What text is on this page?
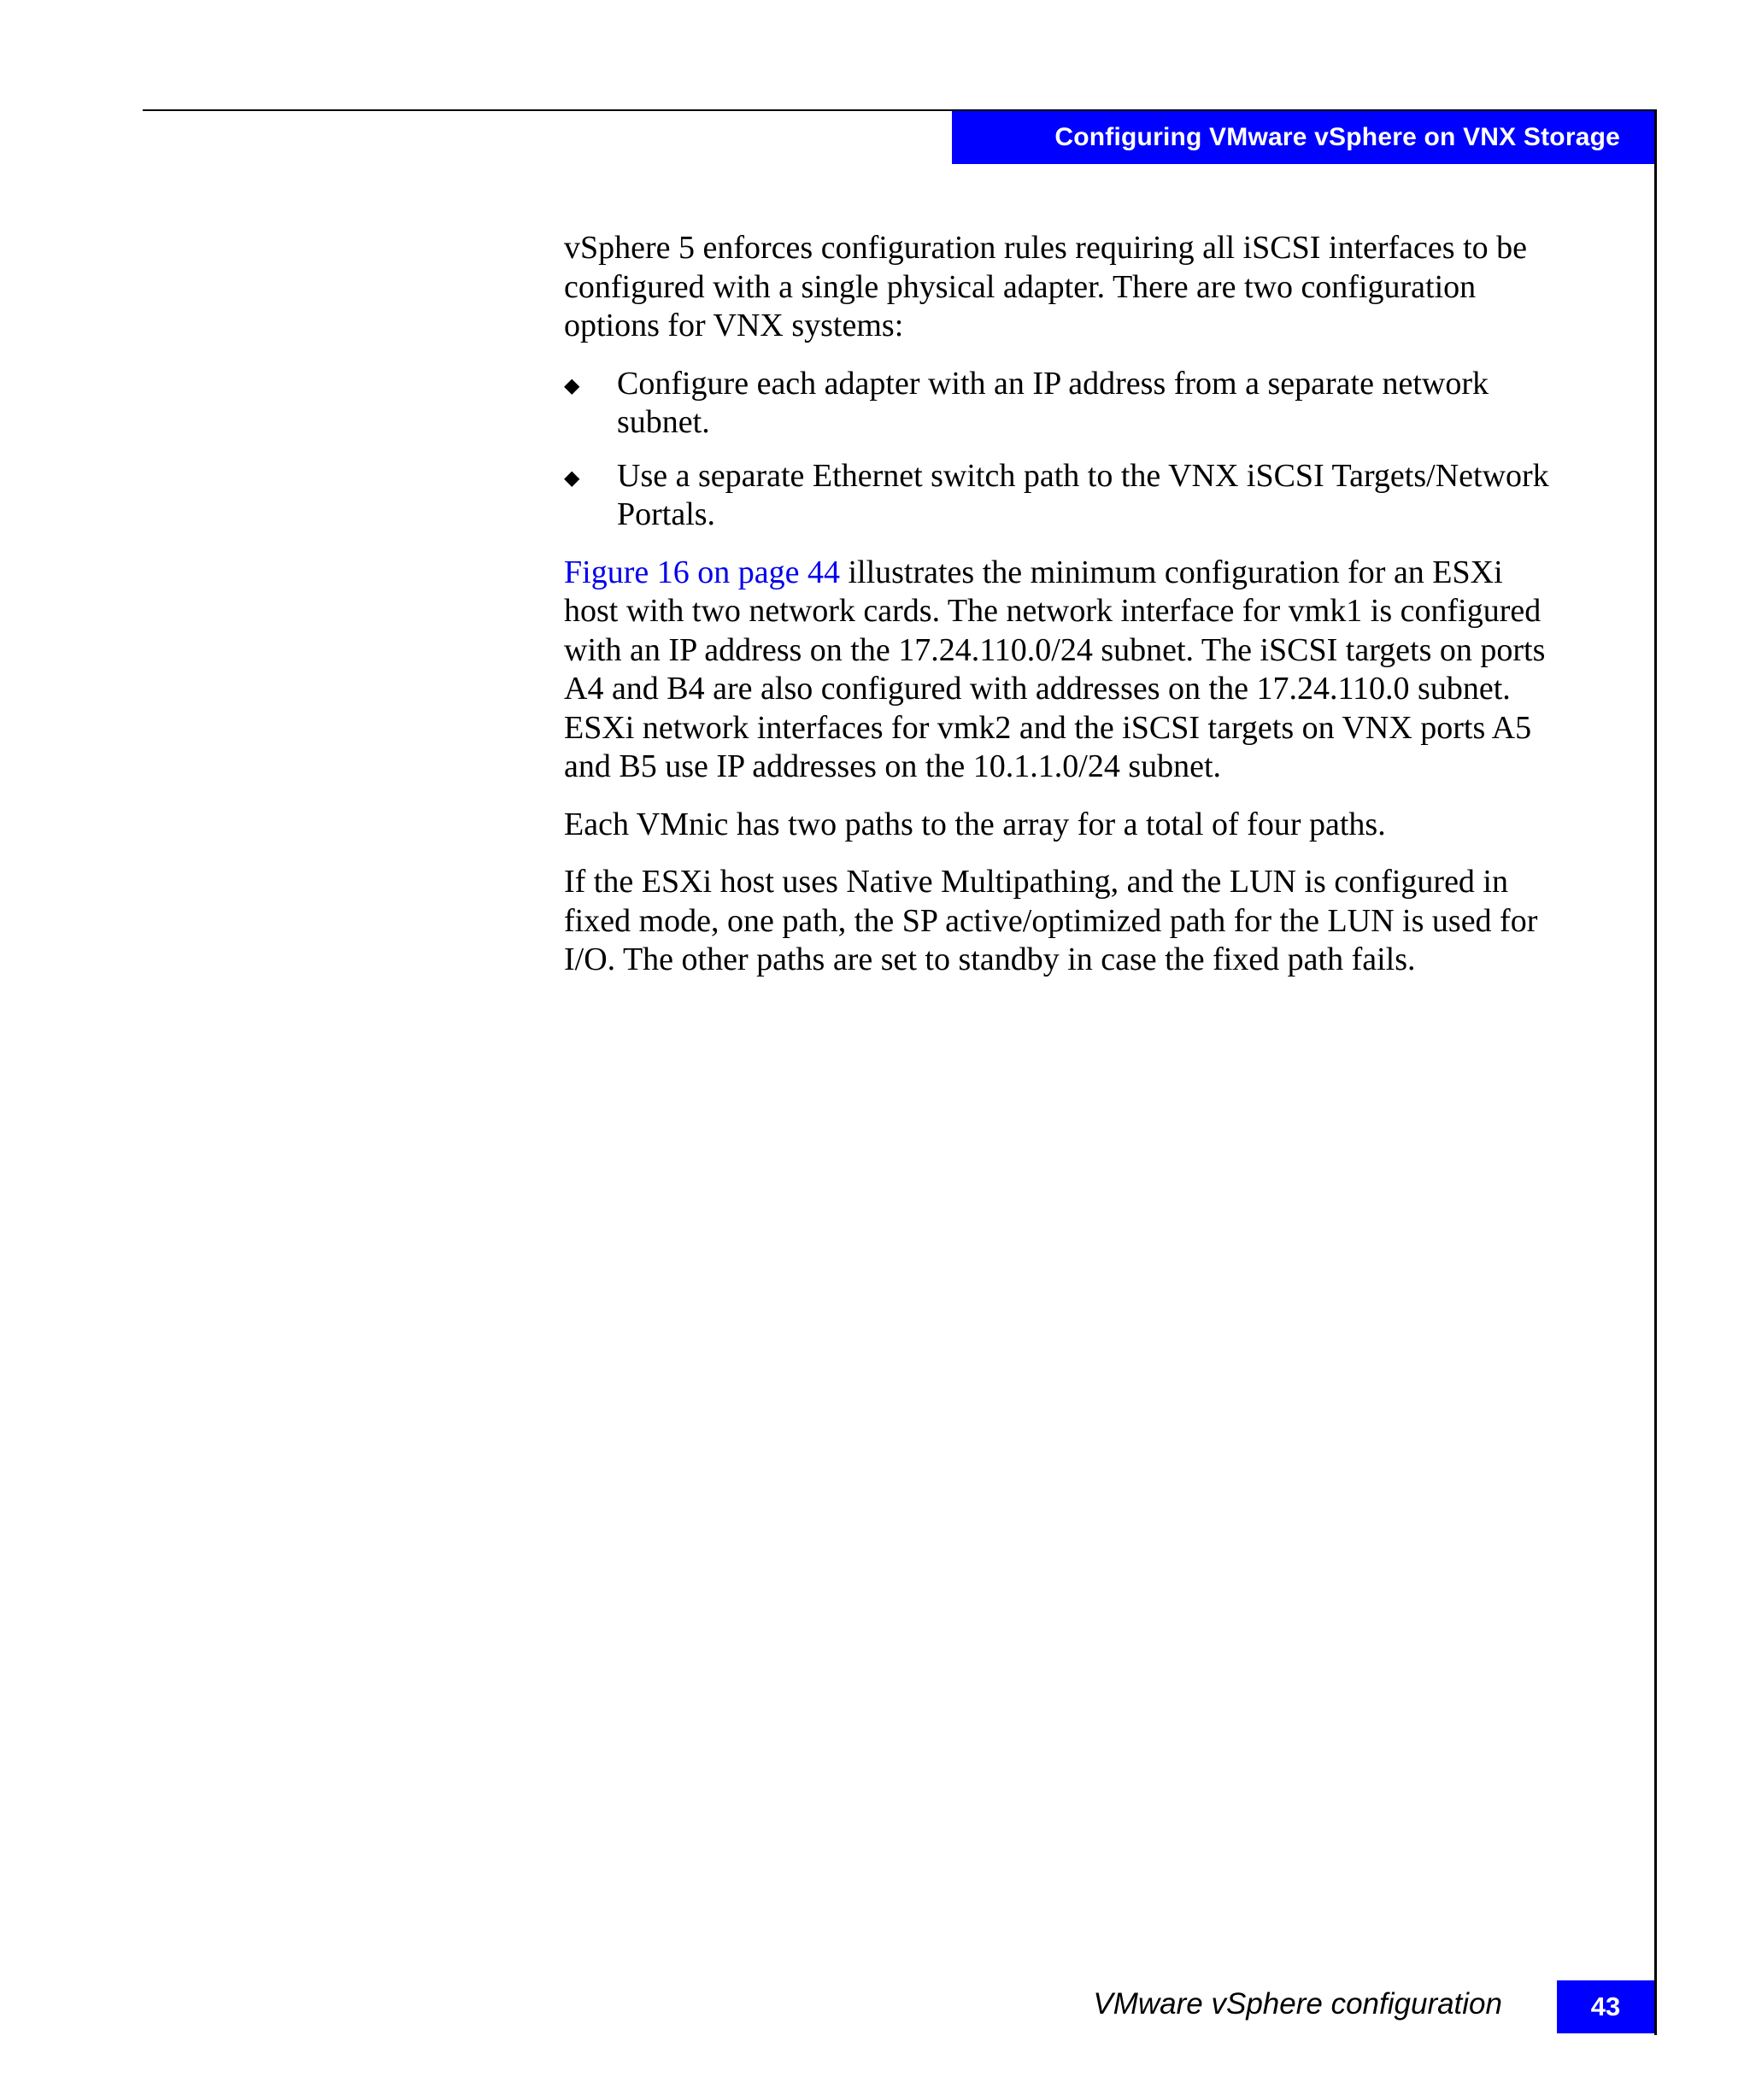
Configuring VMware vSphere on VNX Storage

vSphere 5 enforces configuration rules requiring all iSCSI interfaces to be configured with a single physical adapter. There are two configuration options for VNX systems:

◆ Configure each adapter with an IP address from a separate network subnet.
◆ Use a separate Ethernet switch path to the VNX iSCSI Targets/Network Portals.

Figure 16 on page 44 illustrates the minimum configuration for an ESXi host with two network cards. The network interface for vmk1 is configured with an IP address on the 17.24.110.0/24 subnet. The iSCSI targets on ports A4 and B4 are also configured with addresses on the 17.24.110.0 subnet. ESXi network interfaces for vmk2 and the iSCSI targets on VNX ports A5 and B5 use IP addresses on the 10.1.1.0/24 subnet.

Each VMnic has two paths to the array for a total of four paths.

If the ESXi host uses Native Multipathing, and the LUN is configured in fixed mode, one path, the SP active/optimized path for the LUN is used for I/O. The other paths are set to standby in case the fixed path fails.

VMware vSphere configuration	43
